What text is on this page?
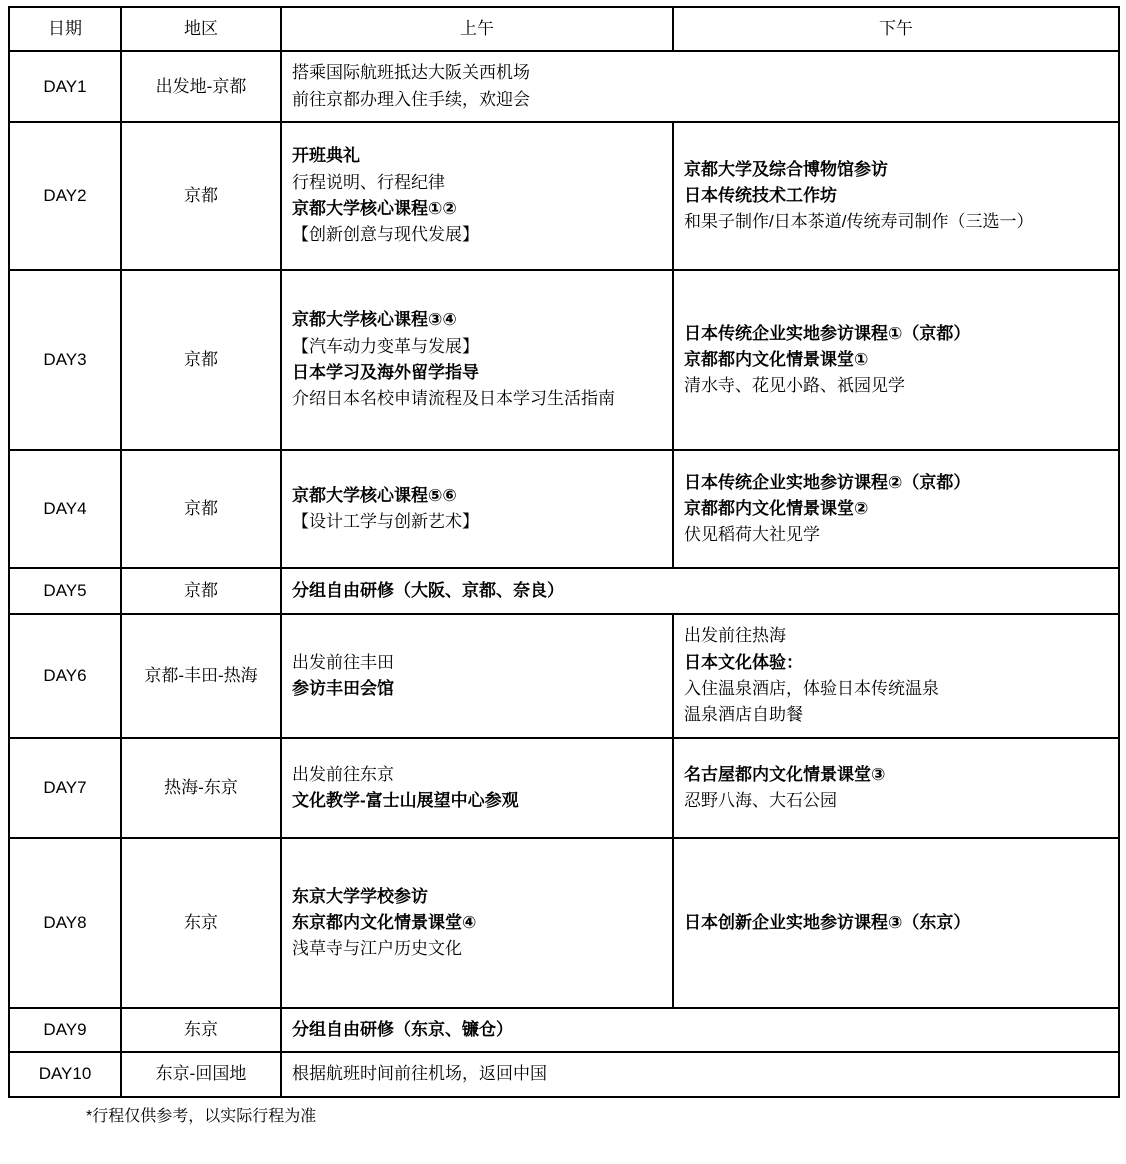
日期	地区	上午	下午
DAY1	出发地-京都	搭乘国际航班抵达大阪关西机场
前往京都办理入住手续，欢迎会	

DAY2	京都	开班典礼
行程说明、行程纪律
京都大学核心课程①②
【创新创意与现代发展】	京都大学及综合博物馆参访
日本传统技术工作坊
和果子制作/日本茶道/传统寿司制作（三选一）

DAY3	京都	京都大学核心课程③④
【汽车动力变革与发展】
日本学习及海外留学指导
介绍日本名校申请流程及日本学习生活指南	日本传统企业实地参访课程①（京都）
京都都内文化情景课堂①
清水寺、花见小路、祇园见学

DAY4	京都	京都大学核心课程⑤⑥
【设计工学与创新艺术】	日本传统企业实地参访课程②（京都）
京都都内文化情景课堂②
伏见稻荷大社见学

DAY5	京都	分组自由研修（大阪、京都、奈良）	

DAY6	京都-丰田-热海	出发前往丰田
参访丰田会馆	出发前往热海
日本文化体验：
入住温泉酒店，体验日本传统温泉
温泉酒店自助餐

DAY7	热海-东京	出发前往东京
文化教学-富士山展望中心参观	名古屋都内文化情景课堂③
忍野八海、大石公园

DAY8	东京	东京大学学校参访
东京都内文化情景课堂④
浅草寺与江户历史文化	日本创新企业实地参访课程③（东京）

DAY9	东京	分组自由研修（东京、镰仓）	

DAY10	东京-回国地	根据航班时间前往机场，返回中国	
*行程仅供参考，以实际行程为准
